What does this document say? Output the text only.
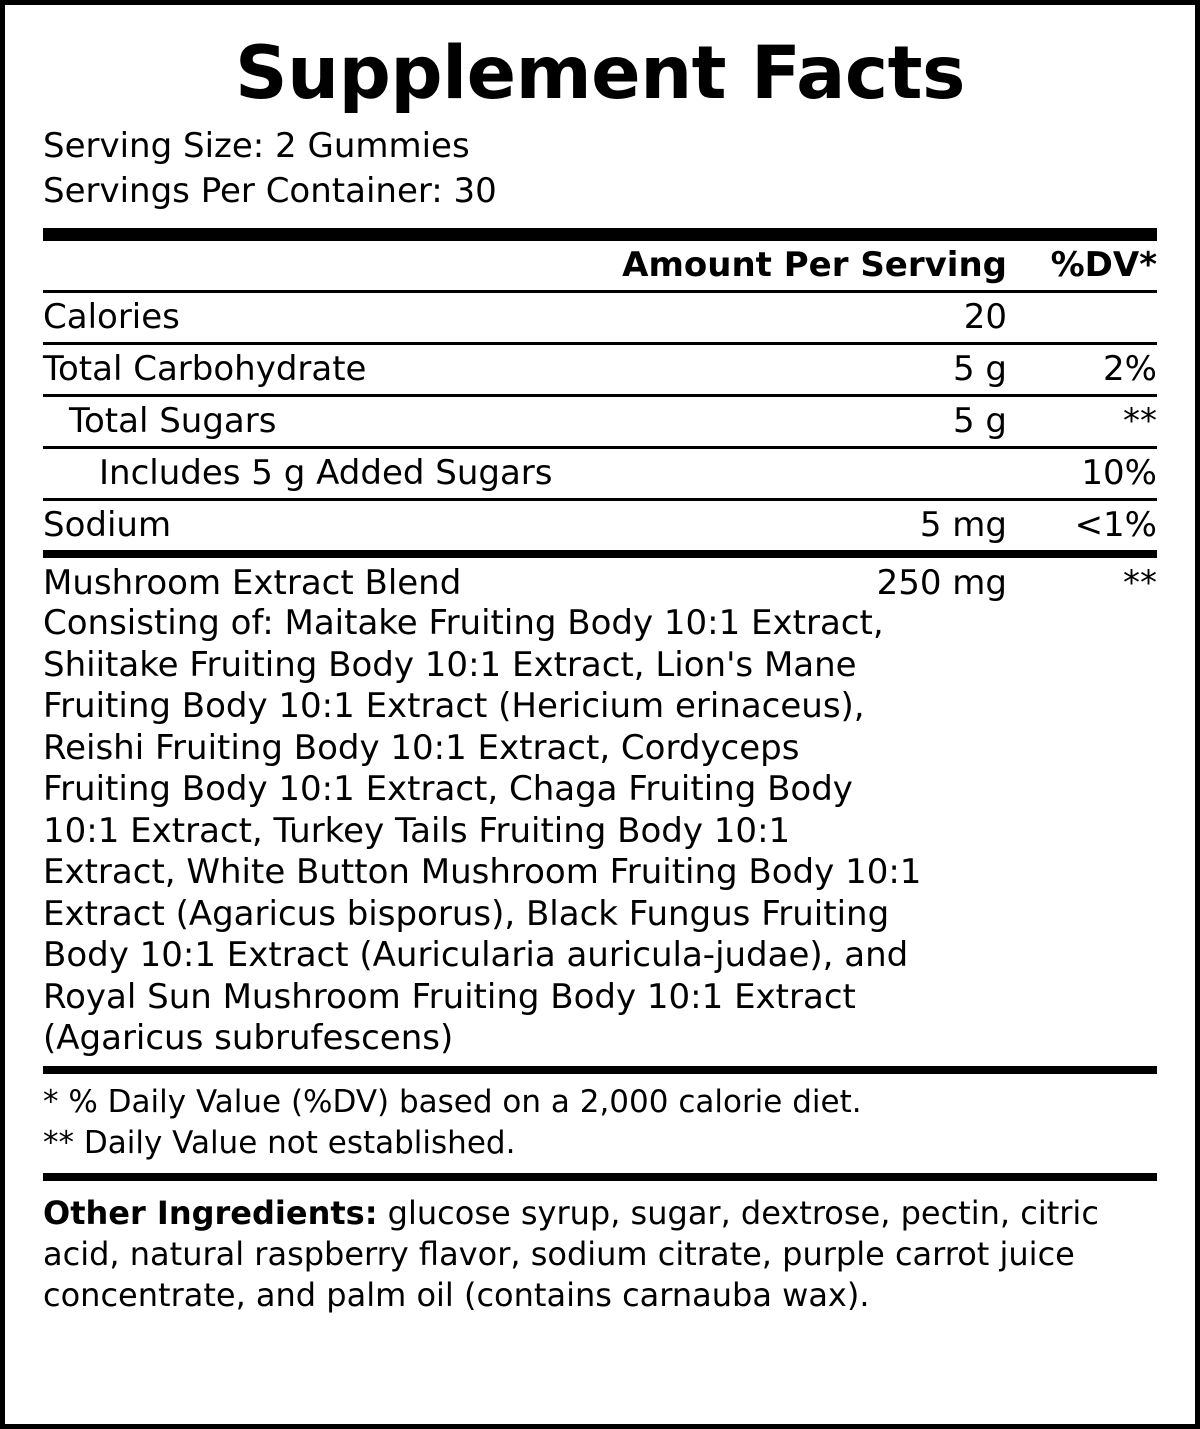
Supplement Facts
Serving Size: 2 Gummies
Servings Per Container: 30
	Amount Per Serving	%DV*
Calories	20	
Total Carbohydrate	5 g	2%
Total Sugars	5 g	**
Includes 5 g Added Sugars		10%
Sodium	5 mg	<1%
Mushroom Extract Blend	250 mg	**
Consisting of: Maitake Fruiting Body 10:1 Extract, Shiitake Fruiting Body 10:1 Extract, Lion's Mane Fruiting Body 10:1 Extract (Hericium erinaceus), Reishi Fruiting Body 10:1 Extract, Cordyceps Fruiting Body 10:1 Extract, Chaga Fruiting Body 10:1 Extract, Turkey Tails Fruiting Body 10:1 Extract, White Button Mushroom Fruiting Body 10:1 Extract (Agaricus bisporus), Black Fungus Fruiting Body 10:1 Extract (Auricularia auricula-judae), and Royal Sun Mushroom Fruiting Body 10:1 Extract (Agaricus subrufescens)
* % Daily Value (%DV) based on a 2,000 calorie diet.
** Daily Value not established.
Other Ingredients: glucose syrup, sugar, dextrose, pectin, citric acid, natural raspberry flavor, sodium citrate, purple carrot juice concentrate, and palm oil (contains carnauba wax).
